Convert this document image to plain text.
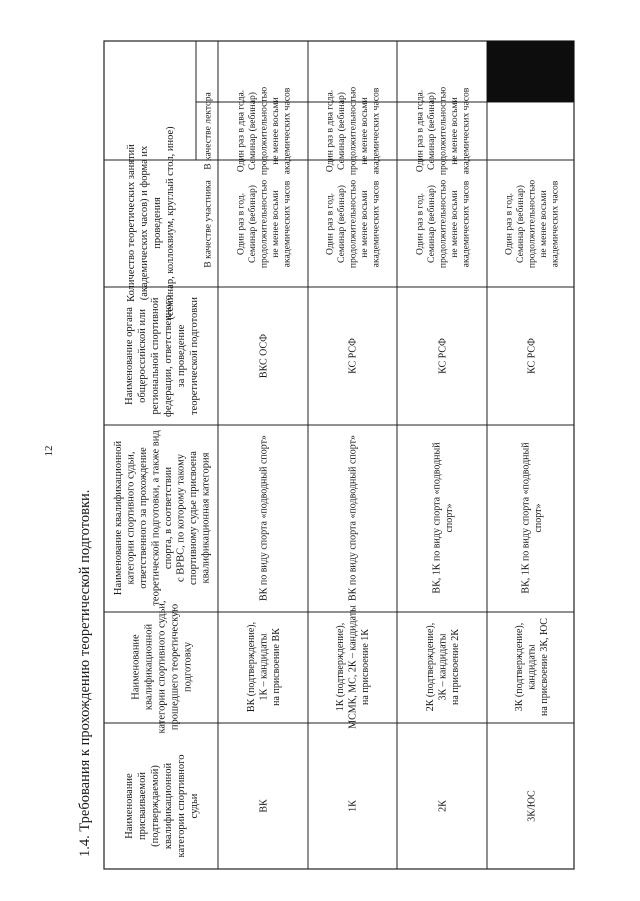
12
1.4. Требования к прохождению теоретической подготовки.	Наименование присваиваемой (подтверждаемой) квалификационной категории спортивного судьи
Наименование квалификационной категории спортивного судьи, прошедшего теоретическую подготовку
Наименование квалификационной категории спортивного судьи, ответственного за прохождение теоретической подготовки, а также вид спорта, в соответствии с ВРВС, по которому такому спортивному судье присвоена квалификационная категория
Наименование органа общероссийской или региональной спортивной федерации, ответственного за проведение теоретической подготовки
Количество теоретических занятий (академических часов) и форма их проведения (семинар, коллоквиум, круглый стол, иное)	В качестве участника
В качестве лектора
ВК
ВК (подтверждение), 1К – кандидаты на присвоение ВК
ВК по виду спорта «подводный спорт»
ВКС ОСФ
Один раз в год.Семинар (вебинар)продолжительностьюне менее восьмиакадемических часов
Один раз в два года.Семинар (вебинар)продолжительностьюне менее восьмиакадемических часов
1К
1К (подтверждение), МСМК, МС, 2К – кандидаты на присвоение 1К
ВК по виду спорта «подводный спорт»
КС РСФ
Один раз в год.Семинар (вебинар)продолжительностьюне менее восьмиакадемических часов
Один раз в два года.Семинар (вебинар)продолжительностьюне менее восьмиакадемических часов
2К
2К (подтверждение), 3К – кандидаты на присвоение 2К
ВК, 1К по виду спорта «подводный спорт»
КС РСФ
Один раз в год.Семинар (вебинар)продолжительностьюне менее восьмиакадемических часов
Один раз в два года.Семинар (вебинар)продолжительностьюне менее восьмиакадемических часов
3К/ЮС
3К (подтверждение), кандидаты на присвоение 3К, ЮС
ВК, 1К по виду спорта «подводный спорт»
КС РСФ
Один раз в год.Семинар (вебинар)продолжительностьюне менее восьмиакадемических часов
